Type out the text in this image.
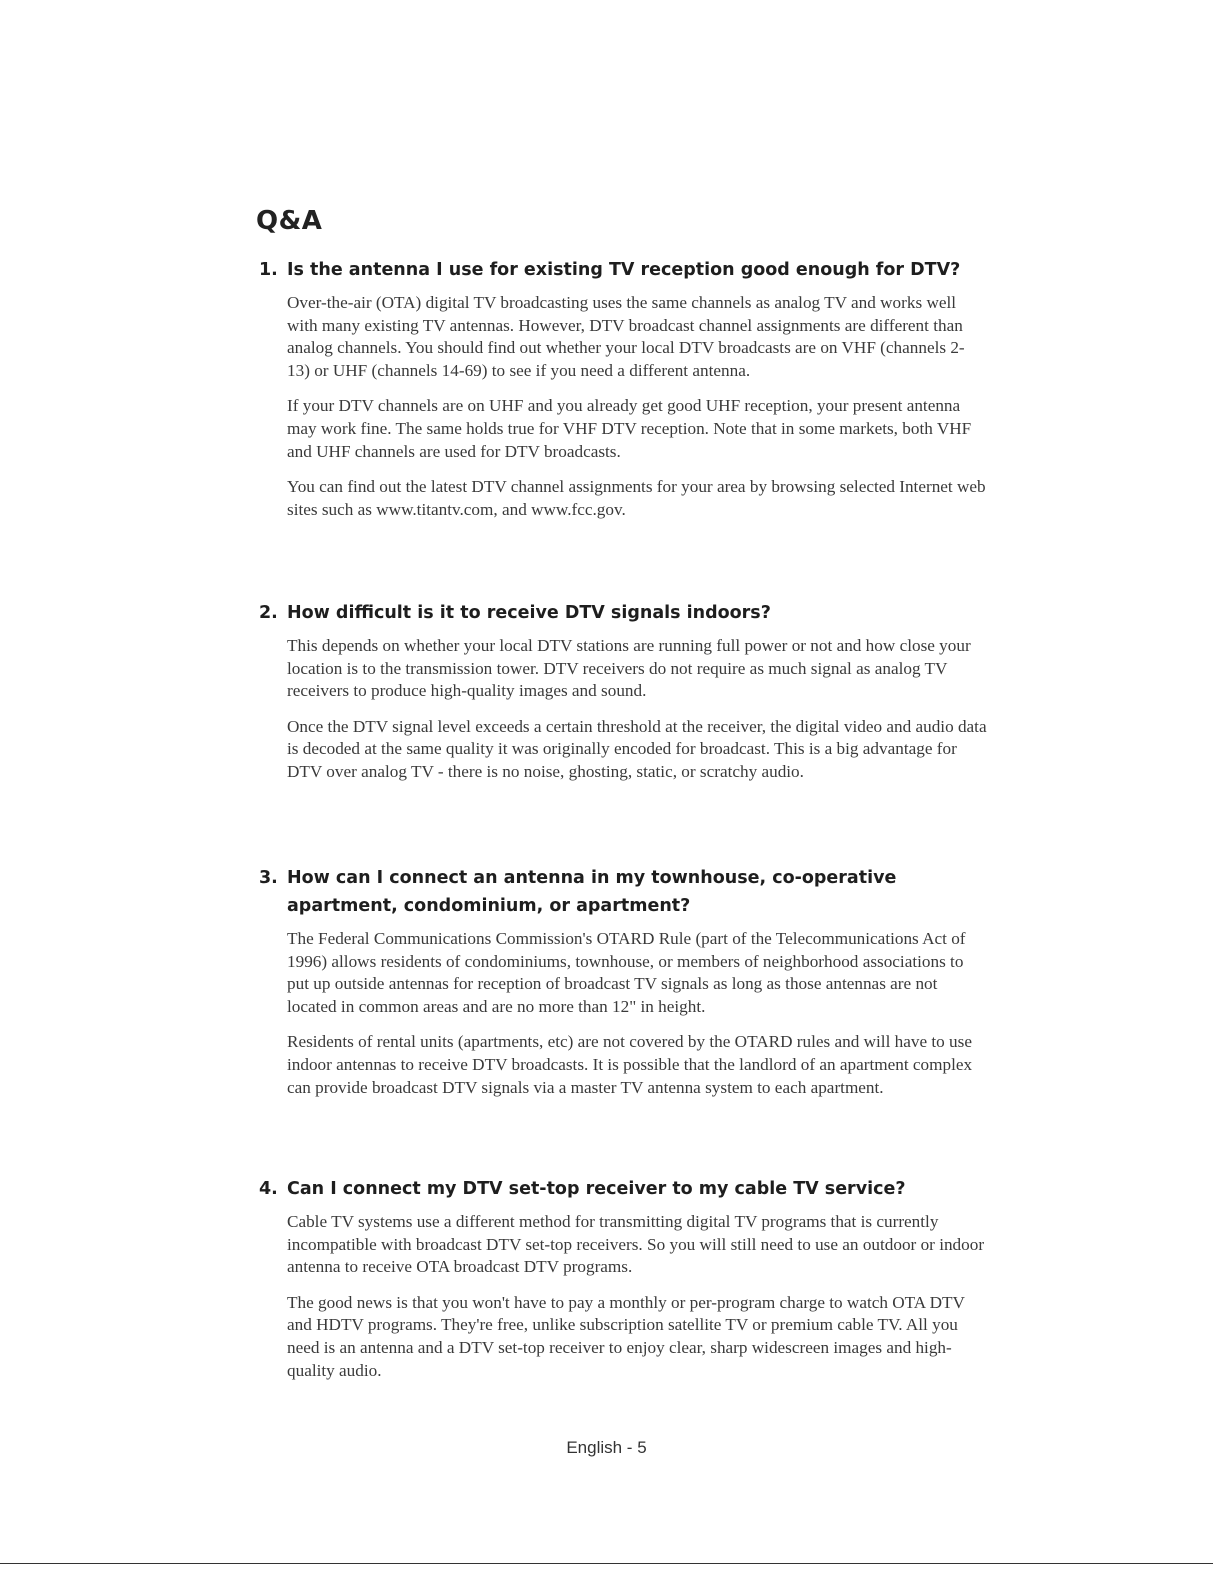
Q&A
1. Is the antenna I use for existing TV reception good enough for DTV?

Over-the-air (OTA) digital TV broadcasting uses the same channels as analog TV and works well with many existing TV antennas. However, DTV broadcast channel assignments are different than analog channels. You should find out whether your local DTV broadcasts are on VHF (channels 2-13) or UHF (channels 14-69) to see if you need a different antenna.

If your DTV channels are on UHF and you already get good UHF reception, your present antenna may work fine. The same holds true for VHF DTV reception. Note that in some markets, both VHF and UHF channels are used for DTV broadcasts.

You can find out the latest DTV channel assignments for your area by browsing selected Internet web sites such as www.titantv.com, and www.fcc.gov.

2. How difficult is it to receive DTV signals indoors?

This depends on whether your local DTV stations are running full power or not and how close your location is to the transmission tower. DTV receivers do not require as much signal as analog TV receivers to produce high-quality images and sound.

Once the DTV signal level exceeds a certain threshold at the receiver, the digital video and audio data is decoded at the same quality it was originally encoded for broadcast. This is a big advantage for DTV over analog TV - there is no noise, ghosting, static, or scratchy audio.

3. How can I connect an antenna in my townhouse, co-operative apartment, condominium, or apartment?

The Federal Communications Commission's OTARD Rule (part of the Telecommunications Act of 1996) allows residents of condominiums, townhouse, or members of neighborhood associations to put up outside antennas for reception of broadcast TV signals as long as those antennas are not located in common areas and are no more than 12" in height.

Residents of rental units (apartments, etc) are not covered by the OTARD rules and will have to use indoor antennas to receive DTV broadcasts. It is possible that the landlord of an apartment complex can provide broadcast DTV signals via a master TV antenna system to each apartment.

4. Can I connect my DTV set-top receiver to my cable TV service?

Cable TV systems use a different method for transmitting digital TV programs that is currently incompatible with broadcast DTV set-top receivers. So you will still need to use an outdoor or indoor antenna to receive OTA broadcast DTV programs.

The good news is that you won't have to pay a monthly or per-program charge to watch OTA DTV and HDTV programs. They're free, unlike subscription satellite TV or premium cable TV. All you need is an antenna and a DTV set-top receiver to enjoy clear, sharp widescreen images and high-quality audio.

English - 5
